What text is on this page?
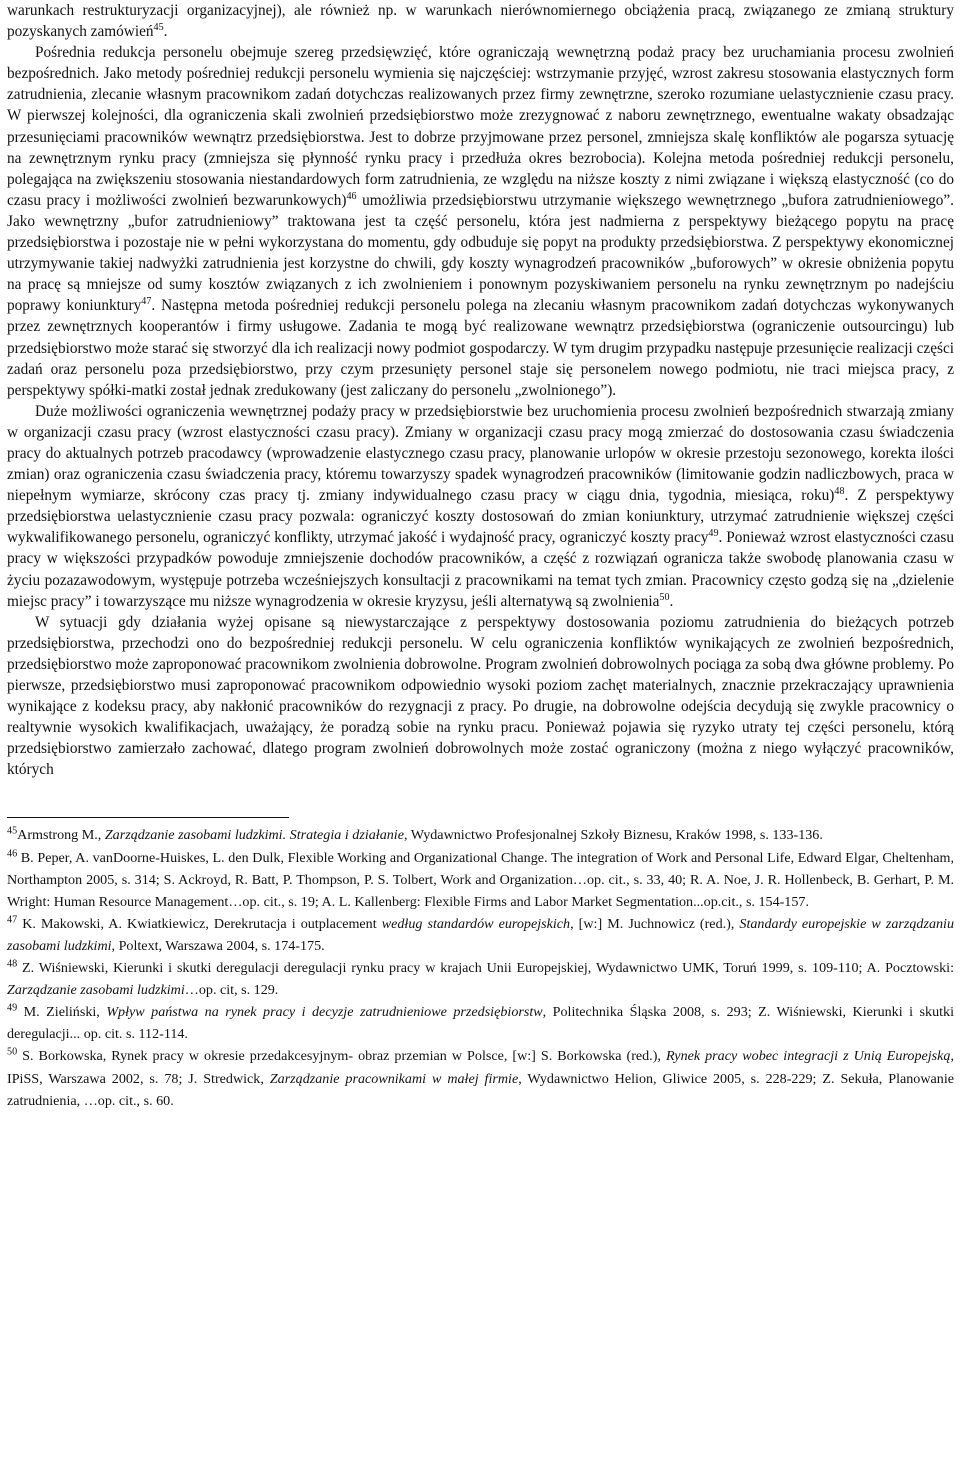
warunkach restrukturyzacji organizacyjnej), ale również np. w warunkach nierównomiernego obciążenia pracą, związanego ze zmianą struktury pozyskanych zamówień$^{45}$.

Pośrednia redukcja personelu obejmuje szereg przedsięwzięć, które ograniczają wewnętrzną podaż pracy bez uruchamiania procesu zwolnień bezpośrednich. Jako metody pośredniej redukcji personelu wymienia się najczęściej: wstrzymanie przyjęć, wzrost zakresu stosowania elastycznych form zatrudnienia, zlecanie własnym pracownikom zadań dotychczas realizowanych przez firmy zewnętrzne, szeroko rozumiane uelastycznienie czasu pracy. W pierwszej kolejności, dla ograniczenia skali zwolnień przedsiębiorstwo może zrezygnować z naboru zewnętrznego, ewentualne wakaty obsadzając przesunięciami pracowników wewnątrz przedsiębiorstwa. Jest to dobrze przyjmowane przez personel, zmniejsza skalę konfliktów ale pogarsza sytuację na zewnętrznym rynku pracy (zmniejsza się płynność rynku pracy i przedłuża okres bezrobocia). Kolejna metoda pośredniej redukcji personelu, polegająca na zwiększeniu stosowania niestandardowych form zatrudnienia, ze względu na niższe koszty z nimi związane i większą elastyczność (co do czasu pracy i możliwości zwolnień bezwarunkowych)$^{46}$ umożliwia przedsiębiorstwu utrzymanie większego wewnętrznego „bufora zatrudnieniowego”. Jako wewnętrzny „bufor zatrudnieniowy” traktowana jest ta część personelu, która jest nadmierna z perspektywy bieżącego popytu na pracę przedsiębiorstwa i pozostaje nie w pełni wykorzystana do momentu, gdy odbuduje się popyt na produkty przedsiębiorstwa. Z perspektywy ekonomicznej utrzymywanie takiej nadwyżki zatrudnienia jest korzystne do chwili, gdy koszty wynagrodzeń pracowników „buforowych” w okresie obniżenia popytu na pracę są mniejsze od sumy kosztów związanych z ich zwolnieniem i ponownym pozyskiwaniem personelu na rynku zewnętrznym po nadejściu poprawy koniunktury$^{47}$. Następna metoda pośredniej redukcji personelu polega na zlecaniu własnym pracownikom zadań dotychczas wykonywanych przez zewnętrznych kooperantów i firmy usługowe. Zadania te mogą być realizowane wewnątrz przedsiębiorstwa (ograniczenie outsourcingu) lub przedsiębiorstwo może starać się stworzyć dla ich realizacji nowy podmiot gospodarczy. W tym drugim przypadku następuje przesunięcie realizacji części zadań oraz personelu poza przedsiębiorstwo, przy czym przesunięty personel staje się personelem nowego podmiotu, nie traci miejsca pracy, z perspektywy spółki-matki został jednak zredukowany (jest zaliczany do personelu „zwolnionego”).

Duże możliwości ograniczenia wewnętrznej podaży pracy w przedsiębiorstwie bez uruchomienia procesu zwolnień bezpośrednich stwarzają zmiany w organizacji czasu pracy (wzrost elastyczności czasu pracy). Zmiany w organizacji czasu pracy mogą zmierzać do dostosowania czasu świadczenia pracy do aktualnych potrzeb pracodawcy (wprowadzenie elastycznego czasu pracy, planowanie urlopów w okresie przestoju sezonowego, korekta ilości zmian) oraz ograniczenia czasu świadczenia pracy, któremu towarzyszy spadek wynagrodzeń pracowników (limitowanie godzin nadliczbowych, praca w niepełnym wymiarze, skrócony czas pracy tj. zmiany indywidualnego czasu pracy w ciągu dnia, tygodnia, miesiąca, roku)$^{48}$. Z perspektywy przedsiębiorstwa uelastycznienie czasu pracy pozwala: ograniczyć koszty dostosowań do zmian koniunktury, utrzymać zatrudnienie większej części wykwalifikowanego personelu, ograniczyć konflikty, utrzymać jakość i wydajność pracy, ograniczyć koszty pracy$^{49}$. Ponieważ wzrost elastyczności czasu pracy w większości przypadków powoduje zmniejszenie dochodów pracowników, a część z rozwiązań ogranicza także swobodę planowania czasu w życiu pozazawodowym, występuje potrzeba wcześniejszych konsultacji z pracownikami na temat tych zmian. Pracownicy często godzą się na „dzielenie miejsc pracy” i towarzyszące mu niższe wynagrodzenia w okresie kryzysu, jeśli alternatywą są zwolnienia$^{50}$.

W sytuacji gdy działania wyżej opisane są niewystarczające z perspektywy dostosowania poziomu zatrudnienia do bieżących potrzeb przedsiębiorstwa, przechodzi ono do bezpośredniej redukcji personelu. W celu ograniczenia konfliktów wynikających ze zwolnień bezpośrednich, przedsiębiorstwo może zaproponować pracownikom zwolnienia dobrowolne. Program zwolnień dobrowolnych pociąga za sobą dwa główne problemy. Po pierwsze, przedsiębiorstwo musi zaproponować pracownikom odpowiednio wysoki poziom zachęt materialnych, znacznie przekraczający uprawnienia wynikające z kodeksu pracy, aby nakłonić pracowników do rezygnacji z pracy. Po drugie, na dobrowolne odejścia decydują się zwykle pracownicy o realtywnie wysokich kwalifikacjach, uważający, że poradzą sobie na rynku pracu. Ponieważ pojawia się ryzyko utraty tej części personelu, którą przedsiębiorstwo zamierzało zachować, dlatego program zwolnień dobrowolnych może zostać ograniczony (można z niego wyłączyć pracowników, których

$^{45}$Armstrong M., Zarządzanie zasobami ludzkimi. Strategia i działanie, Wydawnictwo Profesjonalnej Szkoły Biznesu, Kraków 1998, s. 133-136.

$^{46}$ B. Peper, A. vanDoorne-Huiskes, L. den Dulk, Flexible Working and Organizational Change. The integration of Work and Personal Life, Edward Elgar, Cheltenham, Northampton 2005, s. 314; S. Ackroyd, R. Batt, P. Thompson, P. S. Tolbert, Work and Organization…op. cit., s. 33, 40; R. A. Noe, J. R. Hollenbeck, B. Gerhart, P. M. Wright: Human Resource Management…op. cit., s. 19; A. L. Kallenberg: Flexible Firms and Labor Market Segmentation...op.cit., s. 154-157.

$^{47}$ K. Makowski, A. Kwiatkiewicz, Derekrutacja i outplacement według standardów europejskich, [w:] M. Juchnowicz (red.), Standardy europejskie w zarządzaniu zasobami ludzkimi, Poltext, Warszawa 2004, s. 174-175.

$^{48}$ Z. Wiśniewski, Kierunki i skutki deregulacji deregulacji rynku pracy w krajach Unii Europejskiej, Wydawnictwo UMK, Toruń 1999, s. 109-110; A. Pocztowski: Zarządzanie zasobami ludzkimi…op. cit, s. 129.

$^{49}$ M. Zieliński, Wpływ państwa na rynek pracy i decyzje zatrudnieniowe przedsiębiorstw, Politechnika Śląska 2008, s. 293; Z. Wiśniewski, Kierunki i skutki deregulacji... op. cit. s. 112-114.

$^{50}$ S. Borkowska, Rynek pracy w okresie przedakcesyjnym- obraz przemian w Polsce, [w:] S. Borkowska (red.), Rynek pracy wobec integracji z Unią Europejską, IPiSS, Warszawa 2002, s. 78; J. Stredwick, Zarządzanie pracownikami w małej firmie, Wydawnictwo Helion, Gliwice 2005, s. 228-229; Z. Sekuła, Planowanie zatrudnienia, …op. cit., s. 60.
